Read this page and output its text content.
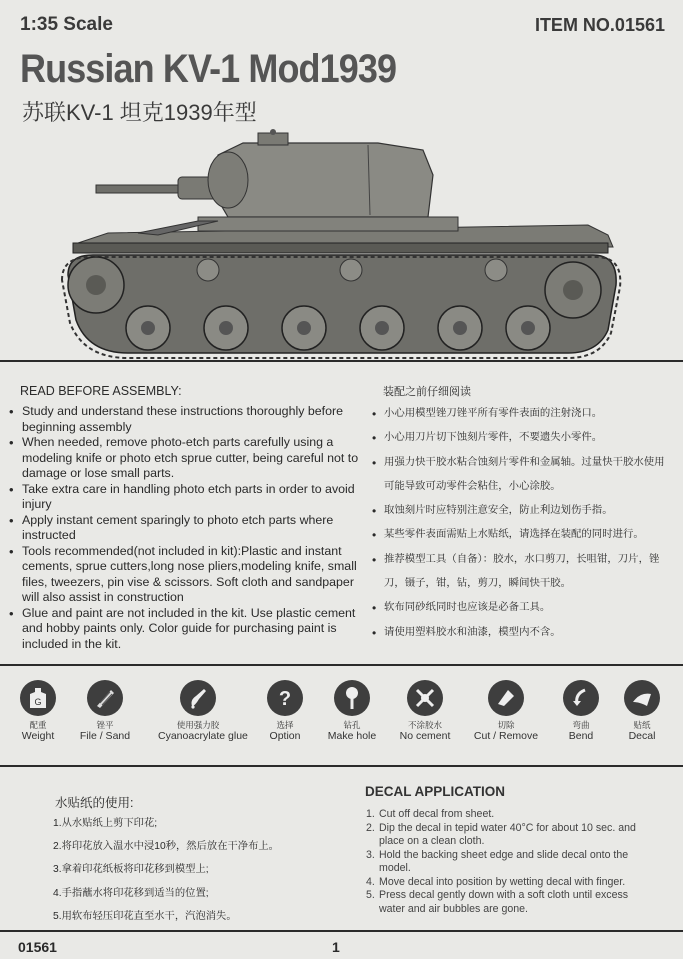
1:35 Scale	ITEM NO.01561
Russian KV-1 Mod1939
苏联KV-1 坦克1939年型
READ BEFORE ASSEMBLY:
• Study and understand these instructions thoroughly before beginning assembly
• When needed, remove photo-etch parts carefully using a modeling knife or photo etch sprue cutter, being careful not to damage or lose small parts.
• Take extra care in handling photo etch parts in order to avoid injury
• Apply instant cement sparingly to photo etch parts where instructed
• Tools recommended(not included in kit):Plastic and instant cements, sprue cutters,long nose pliers,modeling knife, small files, tweezers, pin vise & scissors. Soft cloth and sandpaper will also assist in construction
• Glue and paint are not included in the kit. Use plastic cement and hobby paints only. Color guide for purchasing paint is included in the kit.
装配之前仔细阅读
• 小心用模型锉刀锉平所有零件表面的注射浇口。
• 小心用刀片切下蚀刻片零件，不要遗失小零件。
• 用强力快干胶水粘合蚀刻片零件和金属轴。过量快干胶水使用可能导致可动零件会粘住，小心涂胶。
• 取蚀刻片时应特别注意安全，防止利边划伤手指。
• 某些零件表面需贴上水贴纸，请选择在装配的同时进行。
• 推荐模型工具（自备）：胶水，水口剪刀，长咀钳，刀片，锉刀，镊子，钳，钻，剪刀，瞬间快干胶。
• 软布同砂纸同时也应该是必备工具。
• 请使用塑料胶水和油漆，模型内不含。
G
配重
Weight
锉平
File / Sand
使用强力胶
Cyanoacrylate glue
?
选择
Option
钻孔
Make hole
不涂胶水
No cement
切除
Cut / Remove
弯曲
Bend
贴纸
Decal
水贴纸的使用:
1.从水贴纸上剪下印花;
2.将印花放入温水中浸10秒，然后放在干净布上。
3.拿着印花纸板将印花移到模型上;
4.手指蘸水将印花移到适当的位置;
5.用软布轻压印花直至水干，汽泡消失。
DECAL APPLICATION
1. Cut off decal from sheet.
2. Dip the decal in tepid water 40°C for about 10 sec. and place on a clean cloth.
3. Hold the backing sheet edge and slide decal onto the model.
4. Move decal into position by wetting decal with finger.
5. Press decal gently down with a soft cloth until excess water and air bubbles are gone.
01561	1
